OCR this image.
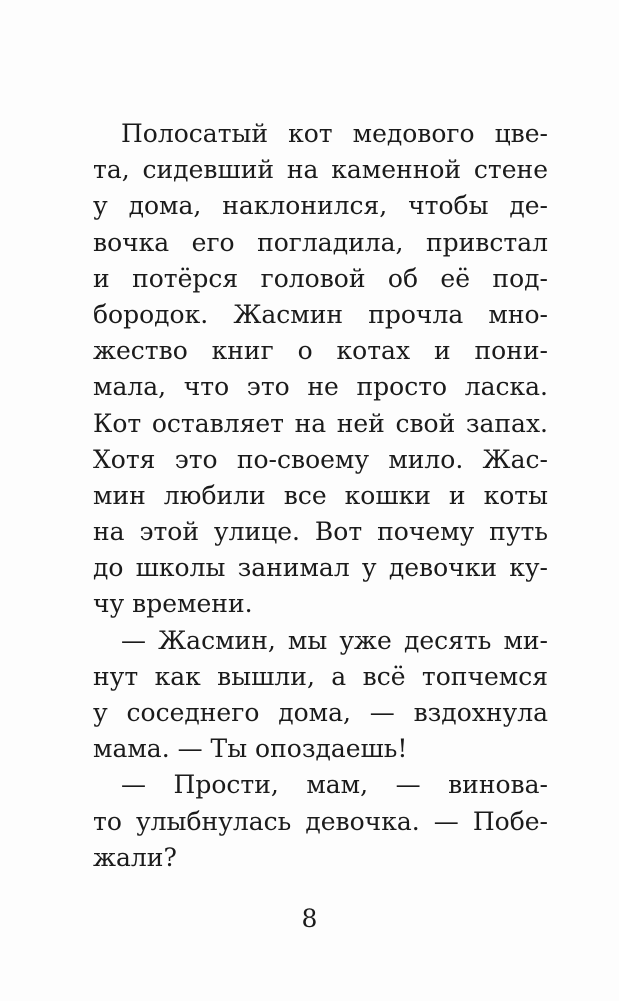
Полосатый кот медового цве-
та, сидевший на каменной стене
у дома, наклонился, чтобы де-
вочка его погладила, привстал
и потёрся головой об её под-
бородок. Жасмин прочла мно-
жество книг о котах и пони-
мала, что это не просто ласка.
Кот оставляет на ней свой запах.
Хотя это по-своему мило. Жас-
мин любили все кошки и коты
на этой улице. Вот почему путь
до школы занимал у девочки ку-
чу времени.
— Жасмин, мы уже десять ми-
нут как вышли, а всё топчемся
у соседнего дома, — вздохнула
мама. — Ты опоздаешь!
— Прости, мам, — винова-
то улыбнулась девочка. — Побе-
жали?
8
